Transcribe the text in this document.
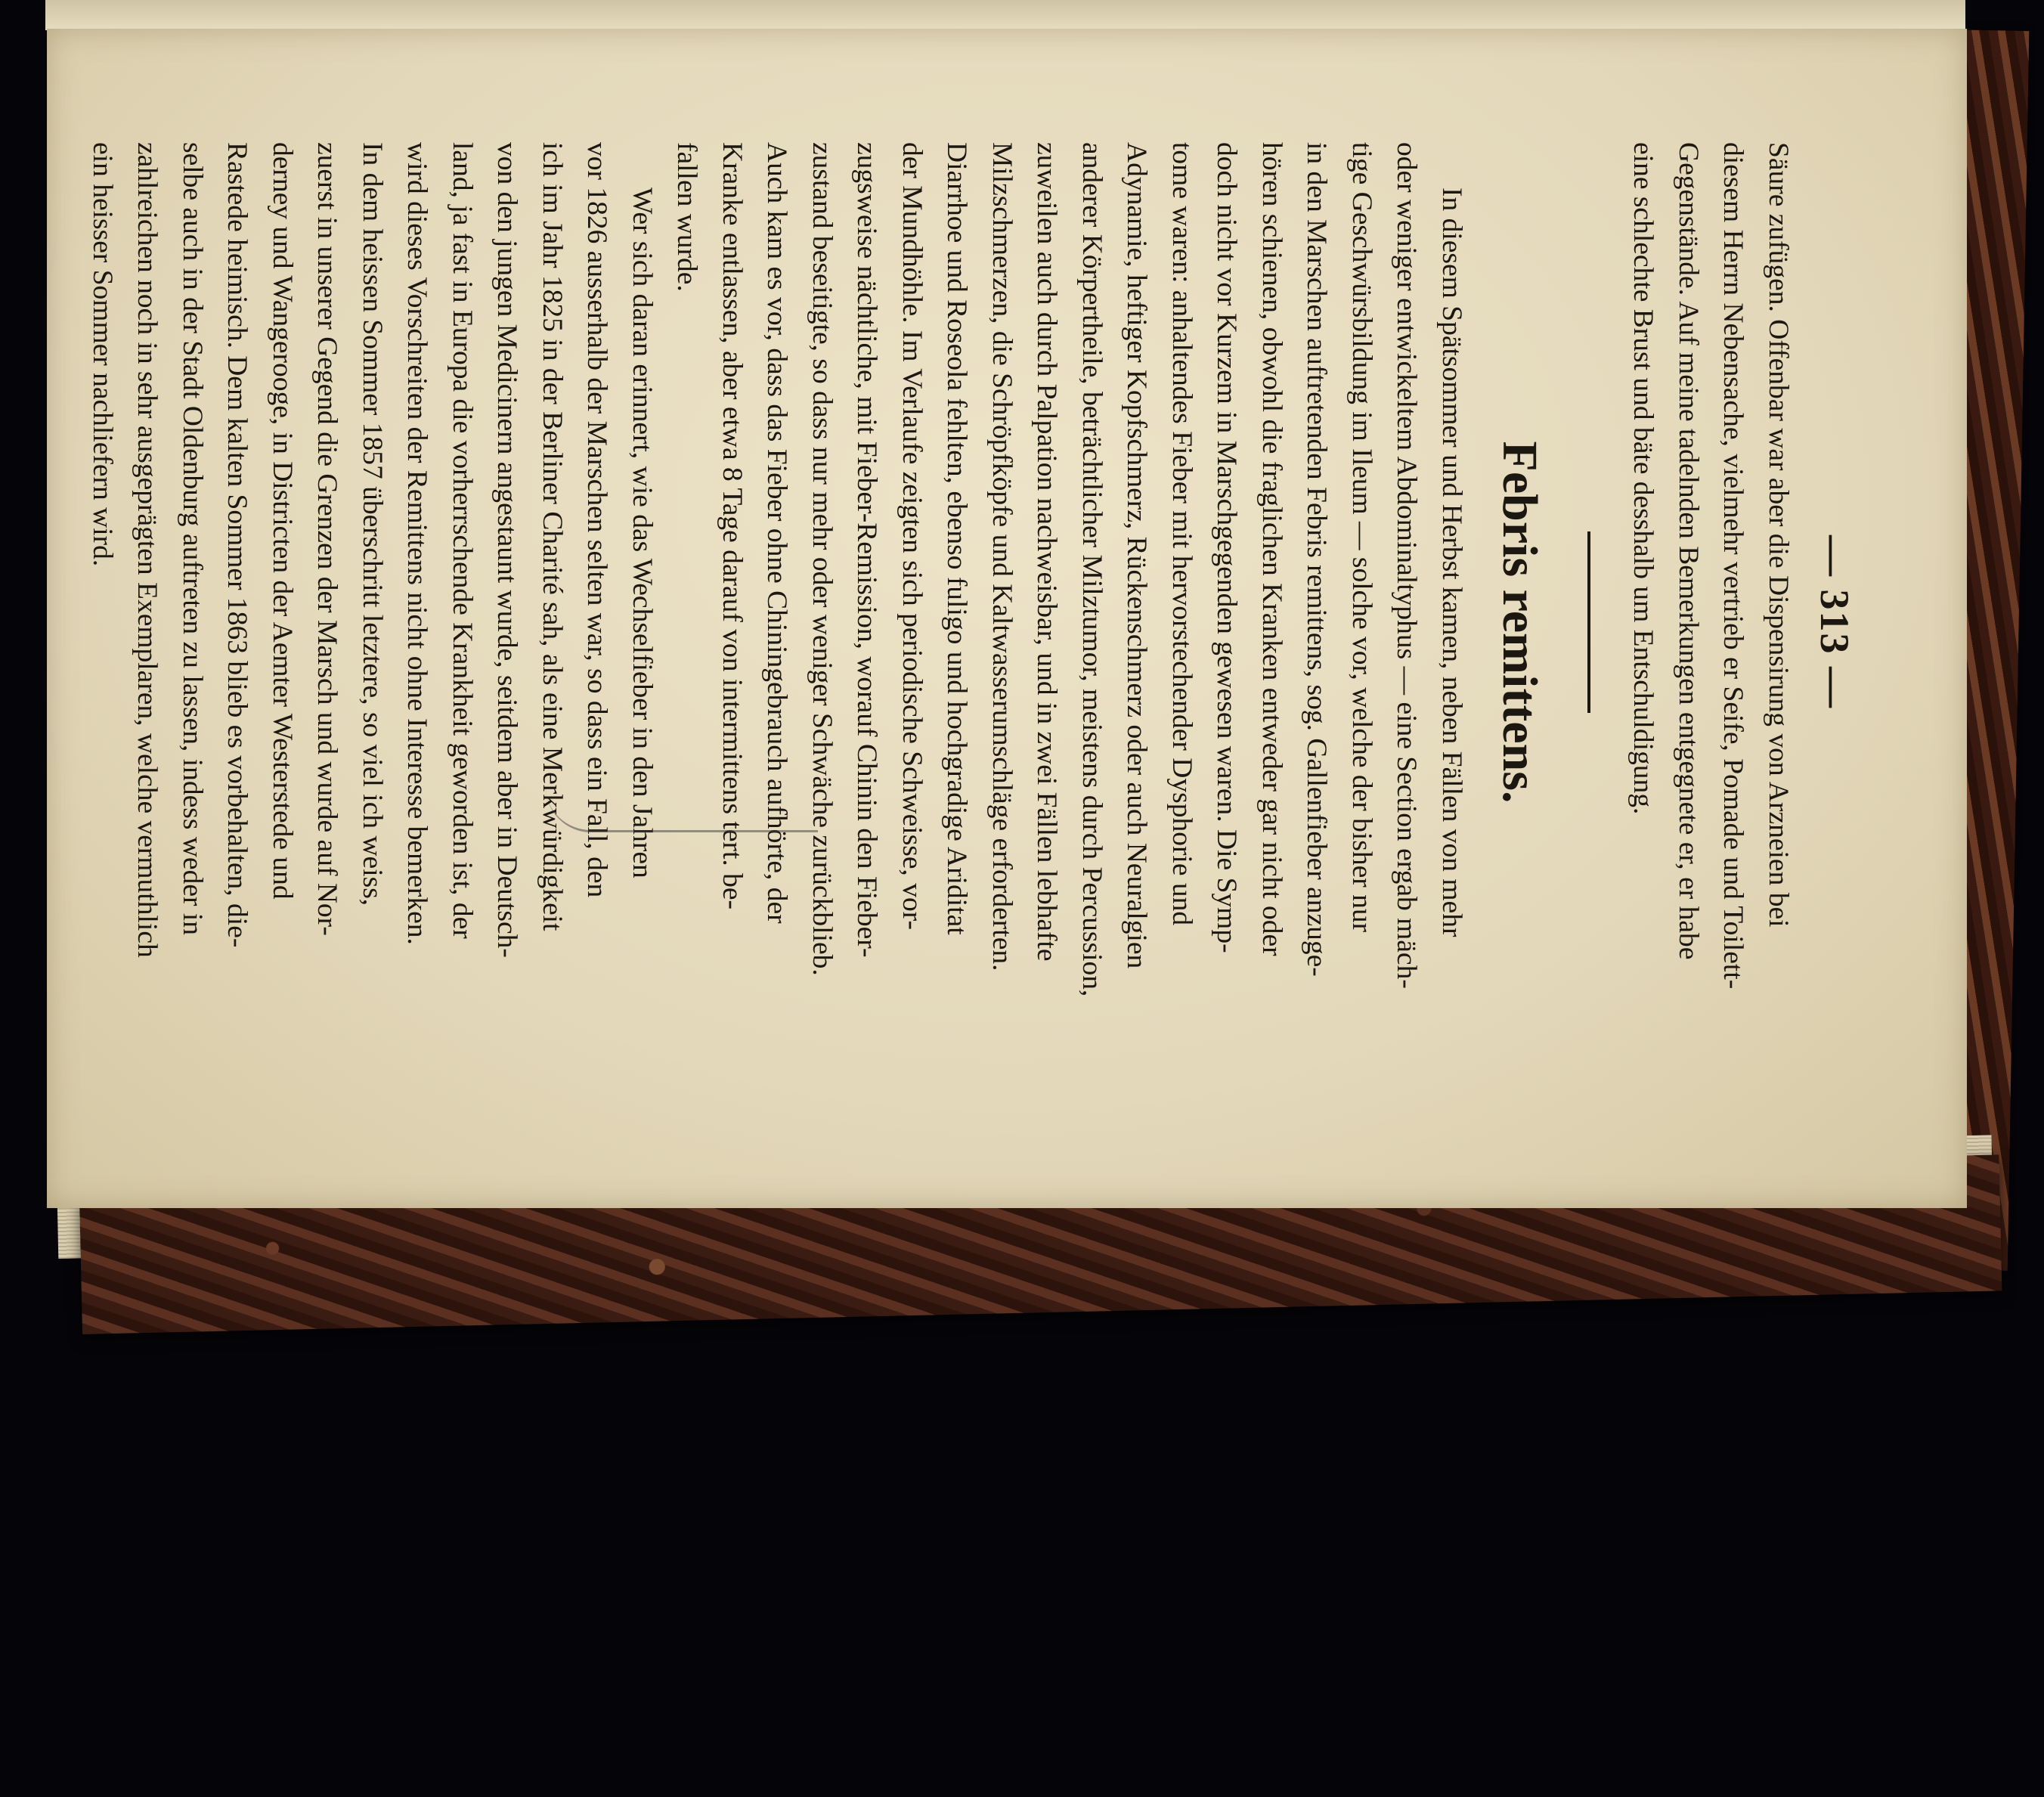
— 313 —
Säure zufügen. Offenbar war aber die Dispensirung von Arzneien bei
diesem Herrn Nebensache, vielmehr vertrieb er Seife, Pomade und Toilett-
Gegenstände. Auf meine tadelnden Bemerkungen entgegnete er, er habe
eine schlechte Brust und bäte desshalb um Entschuldigung.
Febris remittens.
In diesem Spätsommer und Herbst kamen, neben Fällen von mehr
oder weniger entwickeltem Abdominaltyphus — eine Section ergab mäch-
tige Geschwürsbildung im Ileum — solche vor, welche der bisher nur
in den Marschen auftretenden Febris remittens, sog. Gallenfieber anzuge-
hören schienen, obwohl die fraglichen Kranken entweder gar nicht oder
doch nicht vor Kurzem in Marschgegenden gewesen waren. Die Symp-
tome waren: anhaltendes Fieber mit hervorstechender Dysphorie und
Adynamie, heftiger Kopfschmerz, Rückenschmerz oder auch Neuralgien
anderer Körpertheile, beträchtlicher Milztumor, meistens durch Percussion,
zuweilen auch durch Palpation nachweisbar, und in zwei Fällen lebhafte
Milzschmerzen, die Schröpfköpfe und Kaltwasserumschläge erforderten.
Diarrhoe und Roseola fehlten, ebenso fuligo und hochgradige Ariditat
der Mundhöhle. Im Verlaufe zeigten sich periodische Schweisse, vor-
zugsweise nächtliche, mit Fieber-Remission, worauf Chinin den Fieber-
zustand beseitigte, so dass nur mehr oder weniger Schwäche zurückblieb.
Auch kam es vor, dass das Fieber ohne Chiningebrauch aufhörte, der
Kranke entlassen, aber etwa 8 Tage darauf von intermittens tert. be-
fallen wurde.
Wer sich daran erinnert, wie das Wechselfieber in den Jahren
vor 1826 ausserhalb der Marschen selten war, so dass ein Fall, den
ich im Jahr 1825 in der Berliner Charité sah, als eine Merkwürdigkeit
von den jungen Medicinern angestaunt wurde, seitdem aber in Deutsch-
land, ja fast in Europa die vorherrschende Krankheit geworden ist, der
wird dieses Vorschreiten der Remittens nicht ohne Interesse bemerken.
In dem heissen Sommer 1857 überschritt letztere, so viel ich weiss,
zuerst in unserer Gegend die Grenzen der Marsch und wurde auf Nor-
derney und Wangerooge, in Districten der Aemter Westerstede und
Rastede heimisch. Dem kalten Sommer 1863 blieb es vorbehalten, die-
selbe auch in der Stadt Oldenburg auftreten zu lassen, indess weder in
zahlreichen noch in sehr ausgeprägten Exemplaren, welche vermuthlich
ein heisser Sommer nachliefern wird.
